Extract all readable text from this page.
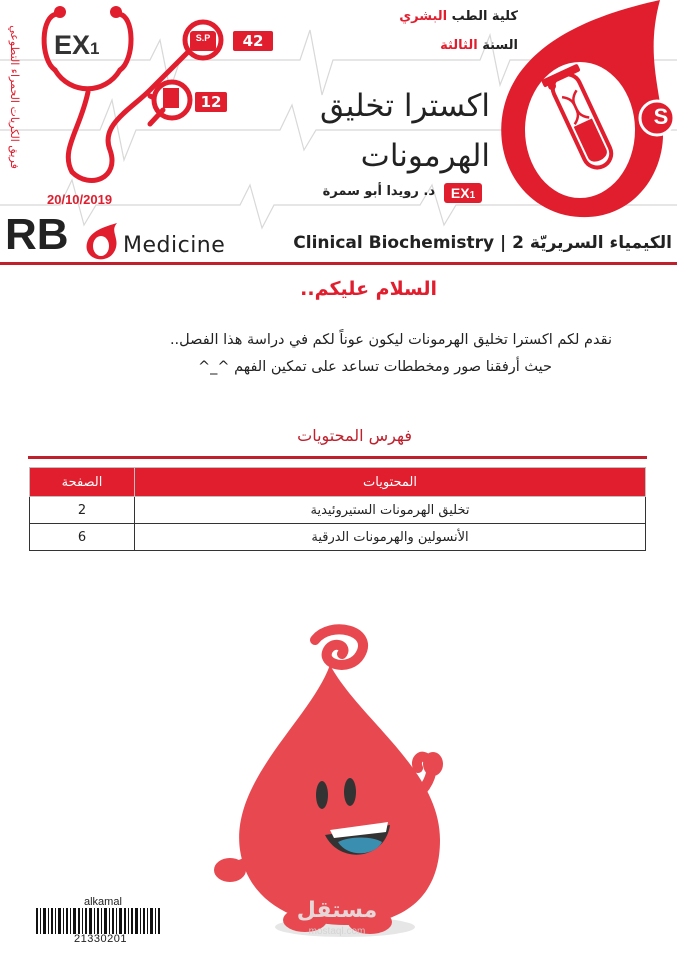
فريق الكريات الحمراء التطوعي EX1
S.P	42
12
20/10/2019
كلية الطب البشري
السنة الثالثة
اكسترا تخليق
الهرمونات
د. رويدا أبو سمرة	EX1
S
RB Medicine	الكيمياء السريريّة 2 | Clinical Biochemistry
السلام عليكم..
نقدم لكم اكسترا تخليق الهرمونات ليكون عوناً لكم في دراسة هذا الفصل..
حيث أرفقنا صور ومخططات تساعد على تمكين الفهم ^_^
فهرس المحتويات
المحتويات	الصفحة
تخليق الهرمونات الستيروئيدية	2
الأنسولين والهرمونات الدرقية	6
مستقل
mostaql.com
alkamal
21330201
